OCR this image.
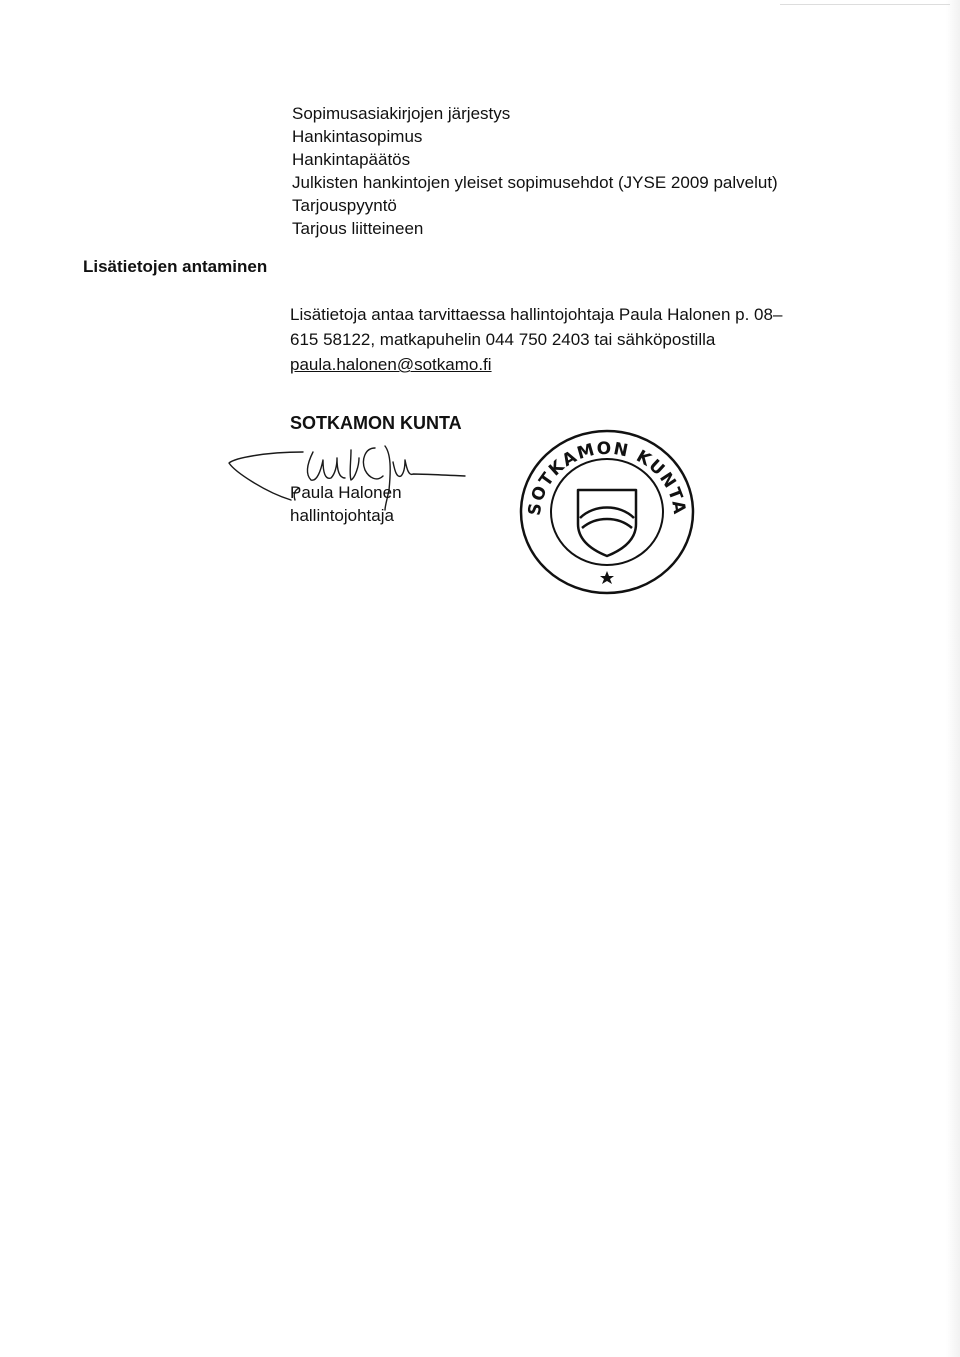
Sopimusasiakirjojen järjestys
Hankintasopimus
Hankintapäätös
Julkisten hankintojen yleiset sopimusehdot (JYSE 2009 palvelut)
Tarjouspyyntö
Tarjous liitteineen
Lisätietojen antaminen

Lisätietoja antaa tarvittaessa hallintojohtaja Paula Halonen p. 08–
615 58122, matkapuhelin 044 750 2403 tai sähköpostilla
paula.halonen@sotkamo.fi

SOTKAMON KUNTA
Paula Halonen
hallintojohtaja	SOTKAMON KUNTA
